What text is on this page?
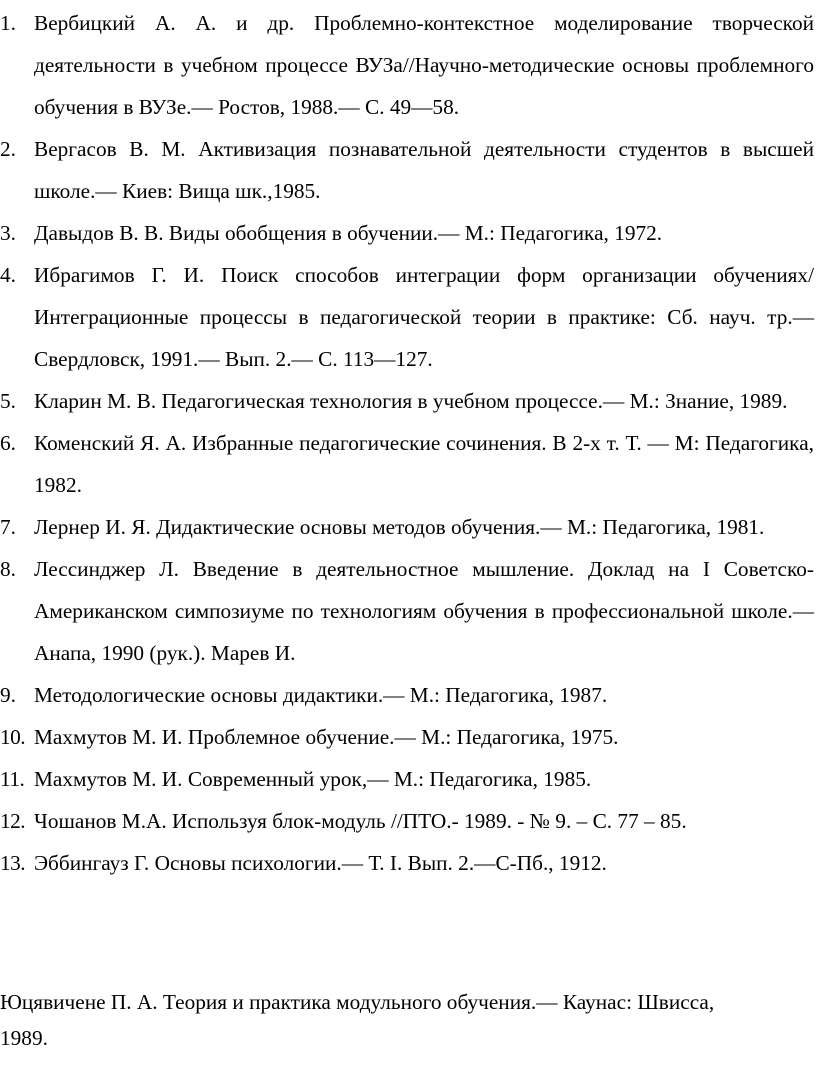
1. Вербицкий А. А. и др. Проблемно-контекстное моделирование творческой деятельности в учебном процессе ВУЗа//Научно-методические основы проблемного обучения в ВУЗе.— Ростов, 1988.— С. 49—58.
2. Вергасов В. М. Активизация познавательной деятельности студентов в высшей школе.— Киев: Вища шк.,1985.
3. Давыдов В. В. Виды обобщения в обучении.— М.: Педагогика, 1972.
4. Ибрагимов Г. И. Поиск способов интеграции форм организации обучениях/Интеграционные процессы в педагогической теории в практике: Сб. науч. тр.— Свердловск, 1991.— Вып. 2.— С. 113—127.
5. Кларин М. В. Педагогическая технология в учебном процессе.— М.: Знание, 1989.
6. Коменский Я. А. Избранные педагогические сочинения. В 2-х т. Т. — М: Педагогика, 1982.
7. Лернер И. Я. Дидактические основы методов обучения.— М.: Педагогика, 1981.
8. Лессинджер Л. Введение в деятельностное мышление. Доклад на I Советско-Американском симпозиуме по технологиям обучения в профессиональной школе.— Анапа, 1990 (рук.). Марев И.
9. Методологические основы дидактики.— М.: Педагогика, 1987.
10. Махмутов М. И. Проблемное обучение.— М.: Педагогика, 1975.
11. Махмутов М. И. Современный урок,— М.: Педагогика, 1985.
12. Чошанов М.А. Используя блок-модуль //ПТО.- 1989. - № 9. – С. 77 – 85.
13. Эббингауз Г. Основы психологии.— Т. I. Вып. 2.—С-Пб., 1912.

Юцявичене П. А. Теория и практика модульного обучения.— Каунас: Швисса, 1989.
